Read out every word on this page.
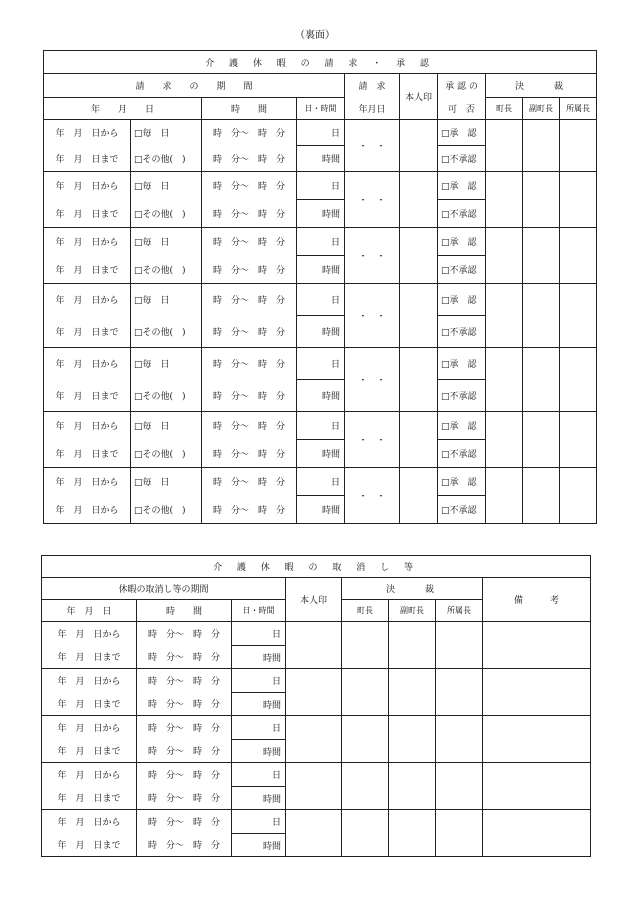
（裏面）
介 護 休 暇 の 請 求 ・ 承 認									
請　　求　　の　　期　　間				請　求	本人印	承 認 の	決　　裁		
年　　月　　日		時　　間	日・時間	年月日		可　否	町長	副町長	所属長
年　月　日から	□毎　日	時　分～　時　分	日	・　・		□承　認			
年　月　日まで	□その他(　)	時　分～　時　分	時間			□不承認			
年　月　日から	□毎　日	時　分～　時　分	日	・　・		□承　認			
年　月　日まで	□その他(　)	時　分～　時　分	時間			□不承認			
年　月　日から	□毎　日	時　分～　時　分	日	・　・		□承　認			
年　月　日まで	□その他(　)	時　分～　時　分	時間			□不承認			
年　月　日から	□毎　日	時　分～　時　分	日	・　・		□承　認			
年　月　日まで	□その他(　)	時　分～　時　分	時間			□不承認			
年　月　日から	□毎　日	時　分～　時　分	日	・　・		□承　認			
年　月　日まで	□その他(　)	時　分～　時　分	時間			□不承認			
年　月　日から	□毎　日	時　分～　時　分	日	・　・		□承　認			
年　月　日まで	□その他(　)	時　分～　時　分	時間			□不承認			
年　月　日から	□毎　日	時　分～　時　分	日	・　・		□承　認			
年　月　日から	□その他(　)	時　分～　時　分	時間			□不承認			
介 護 休 暇 の 取 消 し 等							
休暇の取消し等の期間			本人印	決　　裁			備　　　考
年　月　日	時　　間	日・時間		町長	副町長	所属長	
年　月　日から	時　分～　時　分	日					
年　月　日まで	時　分～　時　分	時間					
年　月　日から	時　分～　時　分	日					
年　月　日まで	時　分～　時　分	時間					
年　月　日から	時　分～　時　分	日					
年　月　日まで	時　分～　時　分	時間					
年　月　日から	時　分～　時　分	日					
年　月　日まで	時　分～　時　分	時間					
年　月　日から	時　分～　時　分	日					
年　月　日まで	時　分～　時　分	時間					
